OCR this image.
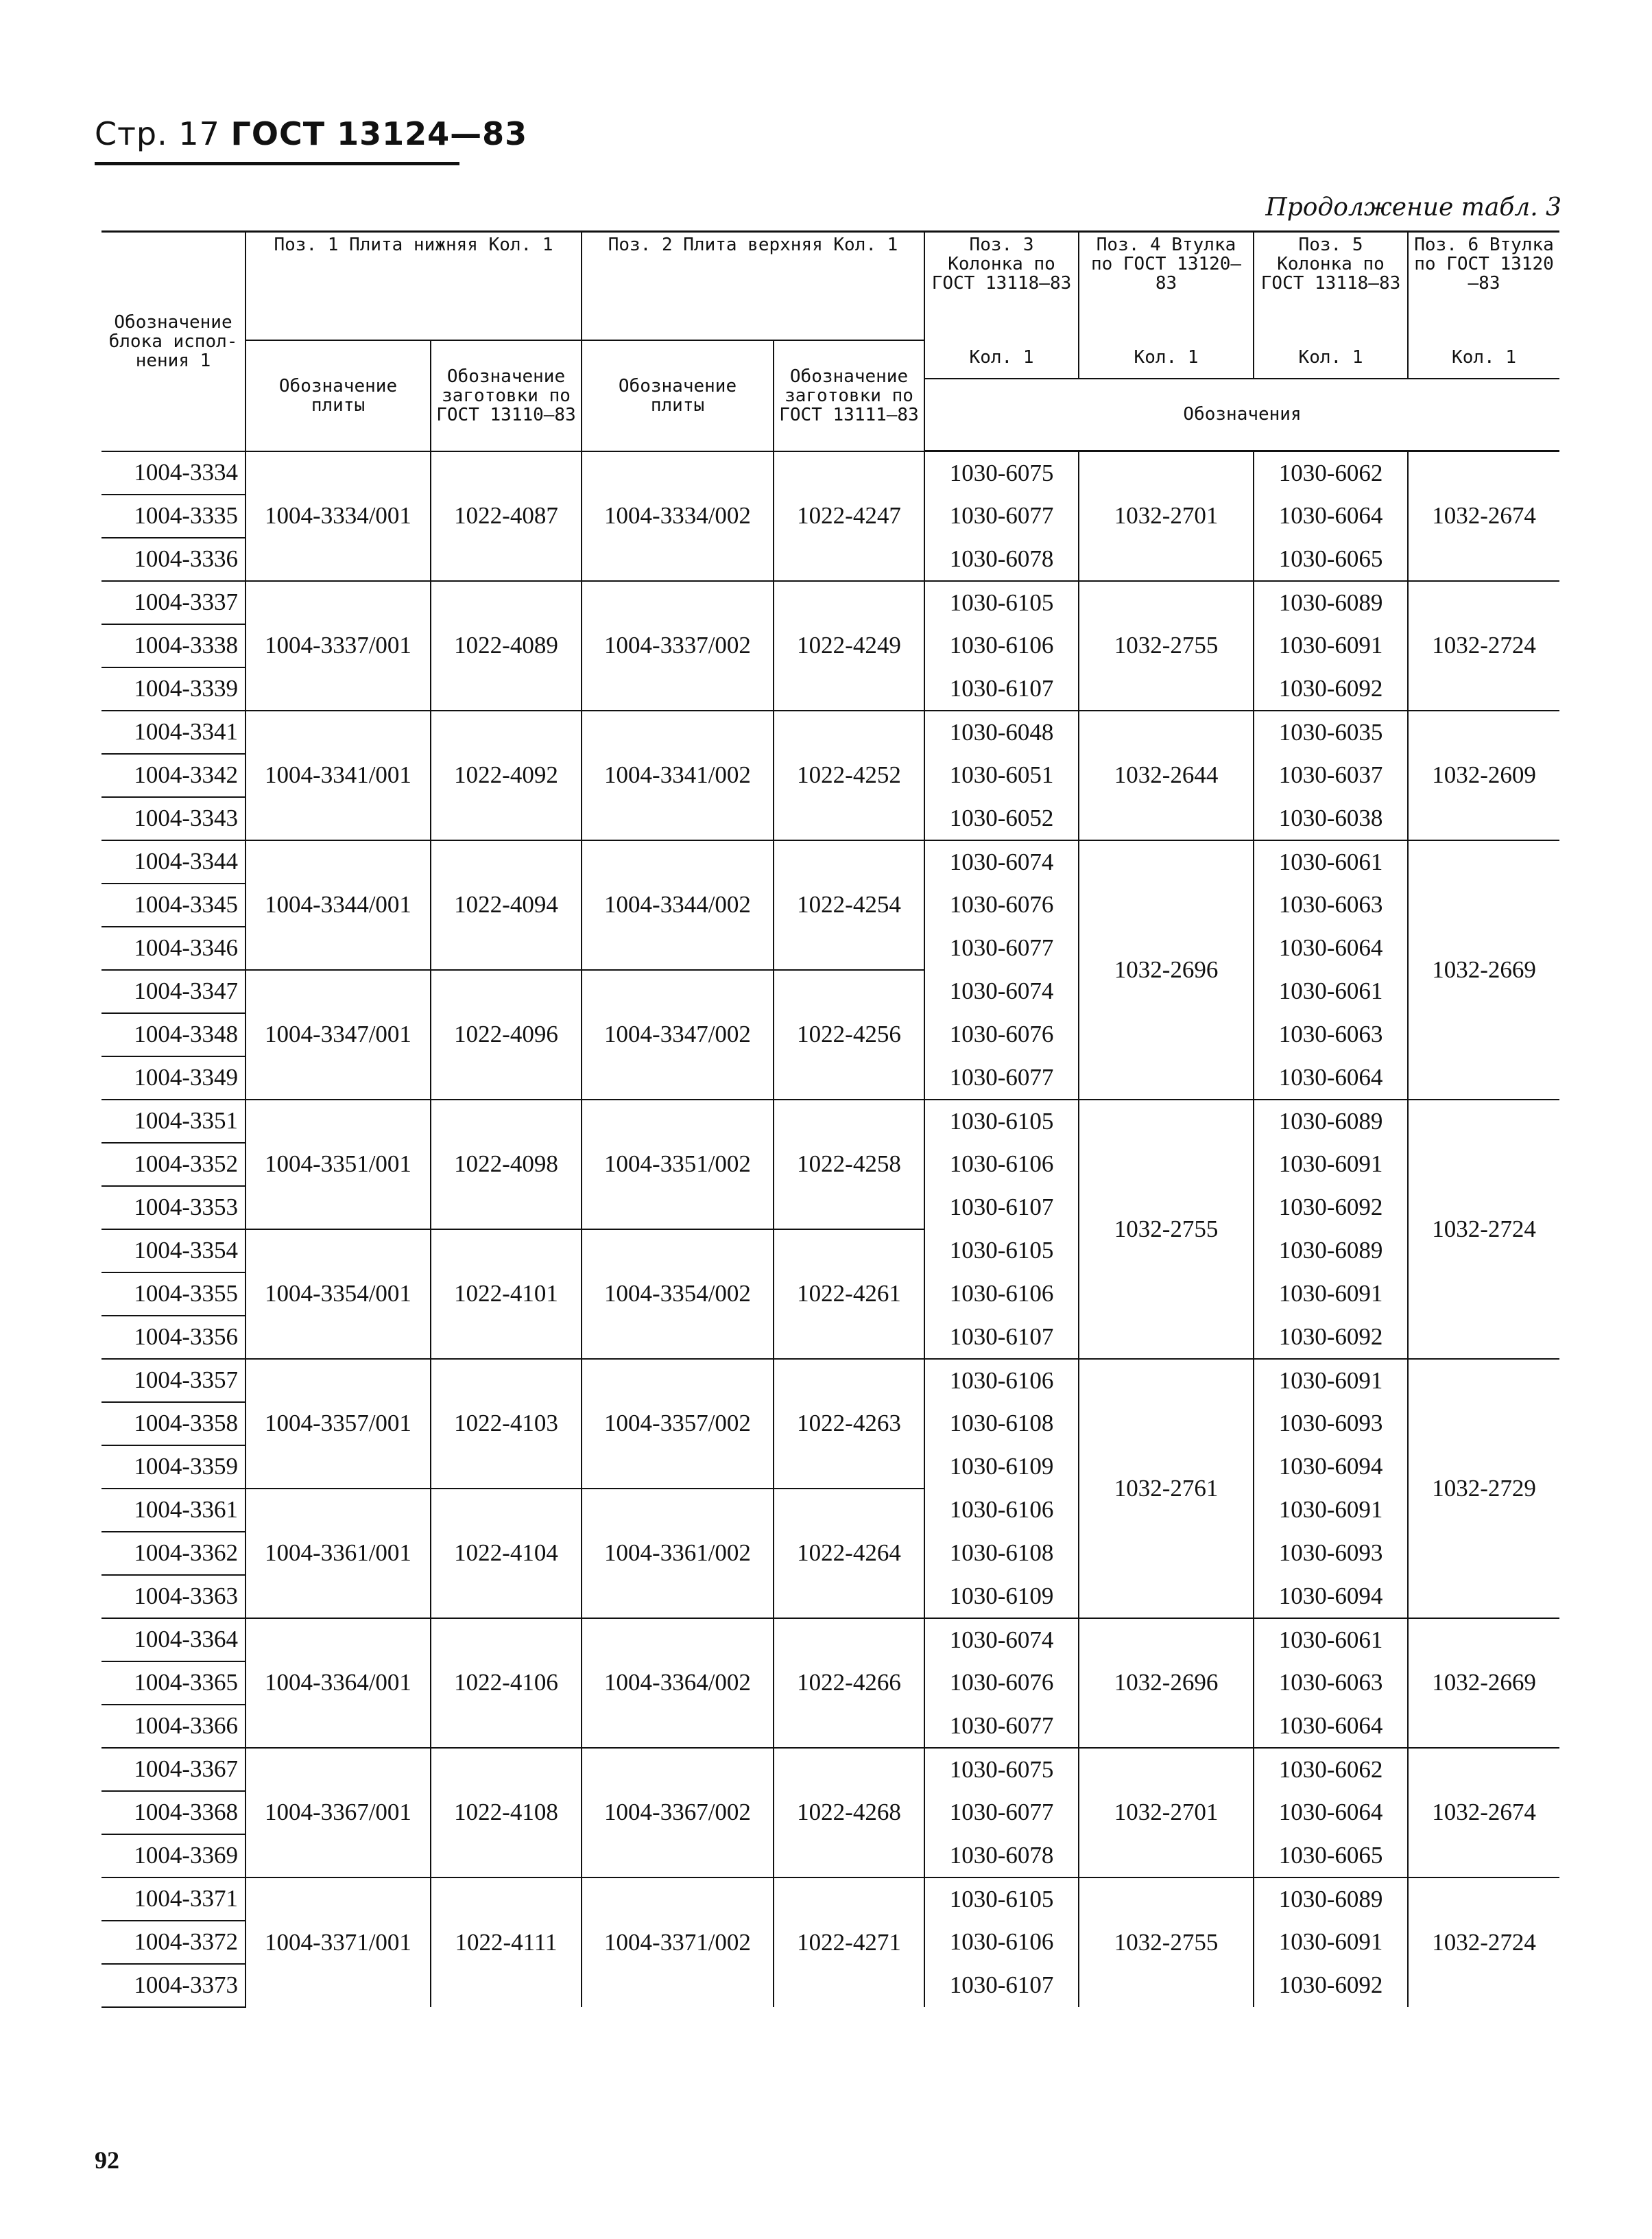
Стр. 17 ГОСТ 13124—83
Продолжение табл. 3
Обозначение блока испол- нения 1	Поз. 1 Плита нижняя Кол. 1		Поз. 2 Плита верхняя Кол. 1		Поз. 3 Колонка по ГОСТ 13118—83	Поз. 4 Втулка по ГОСТ 13120—83	Поз. 5 Колонка по ГОСТ 13118—83	Поз. 6 Втулка по ГОСТ 13120—83
	Обозначение плиты	Обозначение заготовки по ГОСТ 13110—83	Обозначение плиты	Обозначение заготовки по ГОСТ 13111—83	Кол. 1	Кол. 1	Кол. 1	Кол. 1
					Обозначения			
1004-3334	1004-3334/001	1022-4087	1004-3334/002	1022-4247	1030-6075	1032-2701	1030-6062	1032-2674
1004-3335					1030-6077		1030-6064	
1004-3336					1030-6078		1030-6065	
1004-3337	1004-3337/001	1022-4089	1004-3337/002	1022-4249	1030-6105	1032-2755	1030-6089	1032-2724
1004-3338					1030-6106		1030-6091	
1004-3339					1030-6107		1030-6092	
1004-3341	1004-3341/001	1022-4092	1004-3341/002	1022-4252	1030-6048	1032-2644	1030-6035	1032-2609
1004-3342					1030-6051		1030-6037	
1004-3343					1030-6052		1030-6038	
1004-3344	1004-3344/001	1022-4094	1004-3344/002	1022-4254	1030-6074	1032-2696	1030-6061	1032-2669
1004-3345					1030-6076		1030-6063	
1004-3346					1030-6077		1030-6064	
1004-3347	1004-3347/001	1022-4096	1004-3347/002	1022-4256	1030-6074		1030-6061	
1004-3348					1030-6076		1030-6063	
1004-3349					1030-6077		1030-6064	
1004-3351	1004-3351/001	1022-4098	1004-3351/002	1022-4258	1030-6105	1032-2755	1030-6089	1032-2724
1004-3352					1030-6106		1030-6091	
1004-3353					1030-6107		1030-6092	
1004-3354	1004-3354/001	1022-4101	1004-3354/002	1022-4261	1030-6105		1030-6089	
1004-3355					1030-6106		1030-6091	
1004-3356					1030-6107		1030-6092	
1004-3357	1004-3357/001	1022-4103	1004-3357/002	1022-4263	1030-6106	1032-2761	1030-6091	1032-2729
1004-3358					1030-6108		1030-6093	
1004-3359					1030-6109		1030-6094	
1004-3361	1004-3361/001	1022-4104	1004-3361/002	1022-4264	1030-6106		1030-6091	
1004-3362					1030-6108		1030-6093	
1004-3363					1030-6109		1030-6094	
1004-3364	1004-3364/001	1022-4106	1004-3364/002	1022-4266	1030-6074	1032-2696	1030-6061	1032-2669
1004-3365					1030-6076		1030-6063	
1004-3366					1030-6077		1030-6064	
1004-3367	1004-3367/001	1022-4108	1004-3367/002	1022-4268	1030-6075	1032-2701	1030-6062	1032-2674
1004-3368					1030-6077		1030-6064	
1004-3369					1030-6078		1030-6065	
1004-3371	1004-3371/001	1022-4111	1004-3371/002	1022-4271	1030-6105	1032-2755	1030-6089	1032-2724
1004-3372					1030-6106		1030-6091	
1004-3373					1030-6107		1030-6092	
92
